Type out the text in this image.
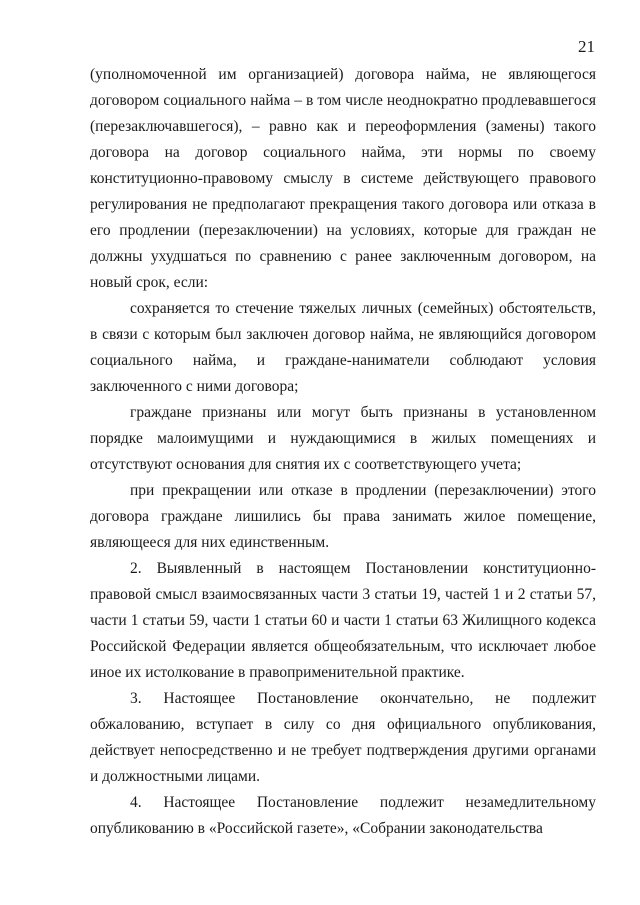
21

(уполномоченной им организацией) договора найма, не являющегося договором социального найма – в том числе неоднократно продлевавшегося (перезаключавшегося), – равно как и переоформления (замены) такого договора на договор социального найма, эти нормы по своему конституционно-правовому смыслу в системе действующего правового регулирования не предполагают прекращения такого договора или отказа в его продлении (перезаключении) на условиях, которые для граждан не должны ухудшаться по сравнению с ранее заключенным договором, на новый срок, если:

сохраняется то стечение тяжелых личных (семейных) обстоятельств, в связи с которым был заключен договор найма, не являющийся договором социального найма, и граждане-наниматели соблюдают условия заключенного с ними договора;

граждане признаны или могут быть признаны в установленном порядке малоимущими и нуждающимися в жилых помещениях и отсутствуют основания для снятия их с соответствующего учета;

при прекращении или отказе в продлении (перезаключении) этого договора граждане лишились бы права занимать жилое помещение, являющееся для них единственным.

2. Выявленный в настоящем Постановлении конституционно-правовой смысл взаимосвязанных части 3 статьи 19, частей 1 и 2 статьи 57, части 1 статьи 59, части 1 статьи 60 и части 1 статьи 63 Жилищного кодекса Российской Федерации является общеобязательным, что исключает любое иное их истолкование в правоприменительной практике.

3. Настоящее Постановление окончательно, не подлежит обжалованию, вступает в силу со дня официального опубликования, действует непосредственно и не требует подтверждения другими органами и должностными лицами.

4. Настоящее Постановление подлежит незамедлительному опубликованию в «Российской газете», «Собрании законодательства
